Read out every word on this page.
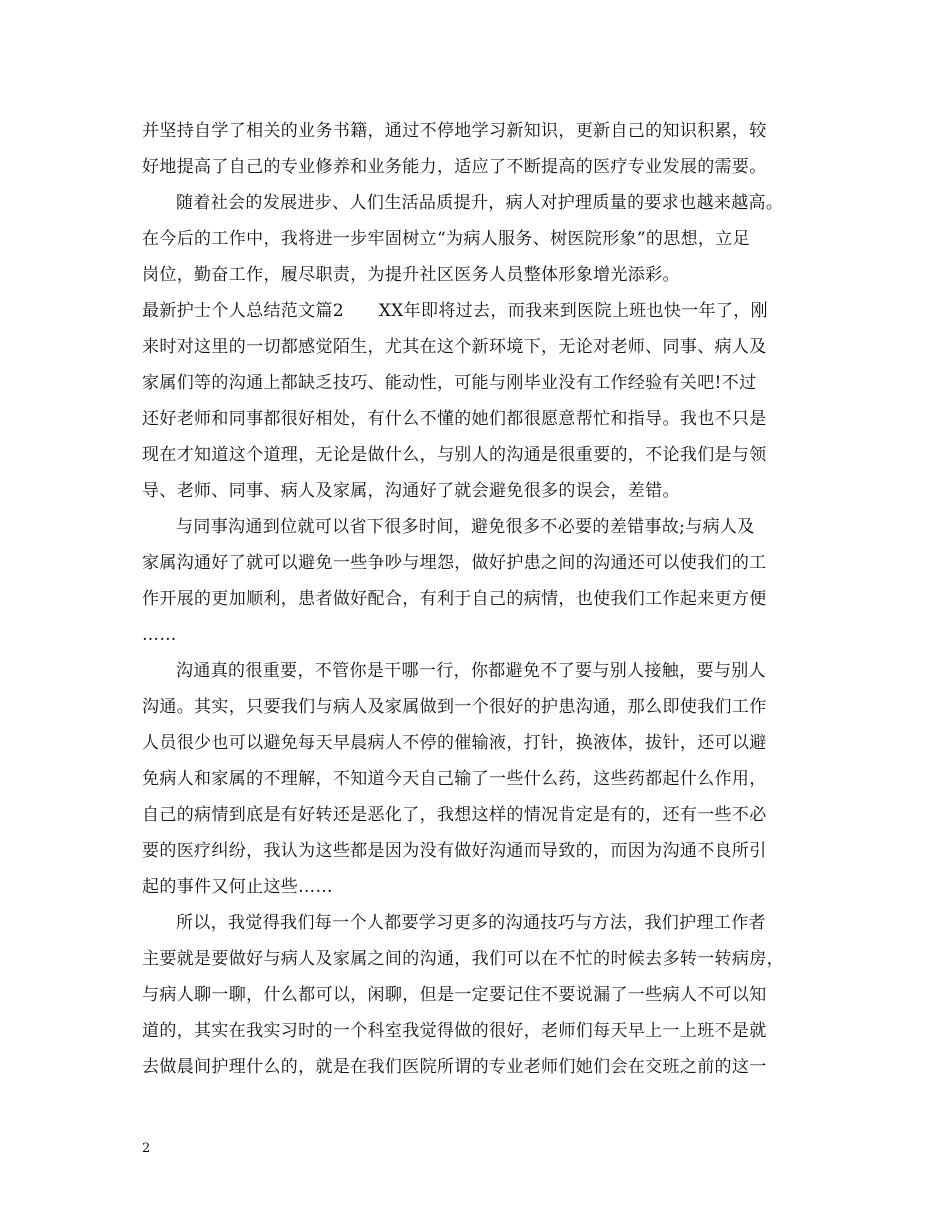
并坚持自学了相关的业务书籍，通过不停地学习新知识，更新自己的知识积累，较
好地提高了自己的专业修养和业务能力，适应了不断提高的医疗专业发展的需要。
随着社会的发展进步、人们生活品质提升，病人对护理质量的要求也越来越高。
在今后的工作中，我将进一步牢固树立“为病人服务、树医院形象”的思想，立足
岗位，勤奋工作，履尽职责，为提升社区医务人员整体形象增光添彩。
最新护士个人总结范文篇2　　XX年即将过去，而我来到医院上班也快一年了，刚
来时对这里的一切都感觉陌生，尤其在这个新环境下，无论对老师、同事、病人及
家属们等的沟通上都缺乏技巧、能动性，可能与刚毕业没有工作经验有关吧!不过
还好老师和同事都很好相处，有什么不懂的她们都很愿意帮忙和指导。我也不只是
现在才知道这个道理，无论是做什么，与别人的沟通是很重要的，不论我们是与领
导、老师、同事、病人及家属，沟通好了就会避免很多的误会，差错。
与同事沟通到位就可以省下很多时间，避免很多不必要的差错事故;与病人及
家属沟通好了就可以避免一些争吵与埋怨，做好护患之间的沟通还可以使我们的工
作开展的更加顺利，患者做好配合，有利于自己的病情，也使我们工作起来更方便
……
沟通真的很重要，不管你是干哪一行，你都避免不了要与别人接触，要与别人
沟通。其实，只要我们与病人及家属做到一个很好的护患沟通，那么即使我们工作
人员很少也可以避免每天早晨病人不停的催输液，打针，换液体，拔针，还可以避
免病人和家属的不理解，不知道今天自己输了一些什么药，这些药都起什么作用，
自己的病情到底是有好转还是恶化了，我想这样的情况肯定是有的，还有一些不必
要的医疗纠纷，我认为这些都是因为没有做好沟通而导致的，而因为沟通不良所引
起的事件又何止这些……
所以，我觉得我们每一个人都要学习更多的沟通技巧与方法，我们护理工作者
主要就是要做好与病人及家属之间的沟通，我们可以在不忙的时候去多转一转病房，
与病人聊一聊，什么都可以，闲聊，但是一定要记住不要说漏了一些病人不可以知
道的，其实在我实习时的一个科室我觉得做的很好，老师们每天早上一上班不是就
去做晨间护理什么的，就是在我们医院所谓的专业老师们她们会在交班之前的这一
2
